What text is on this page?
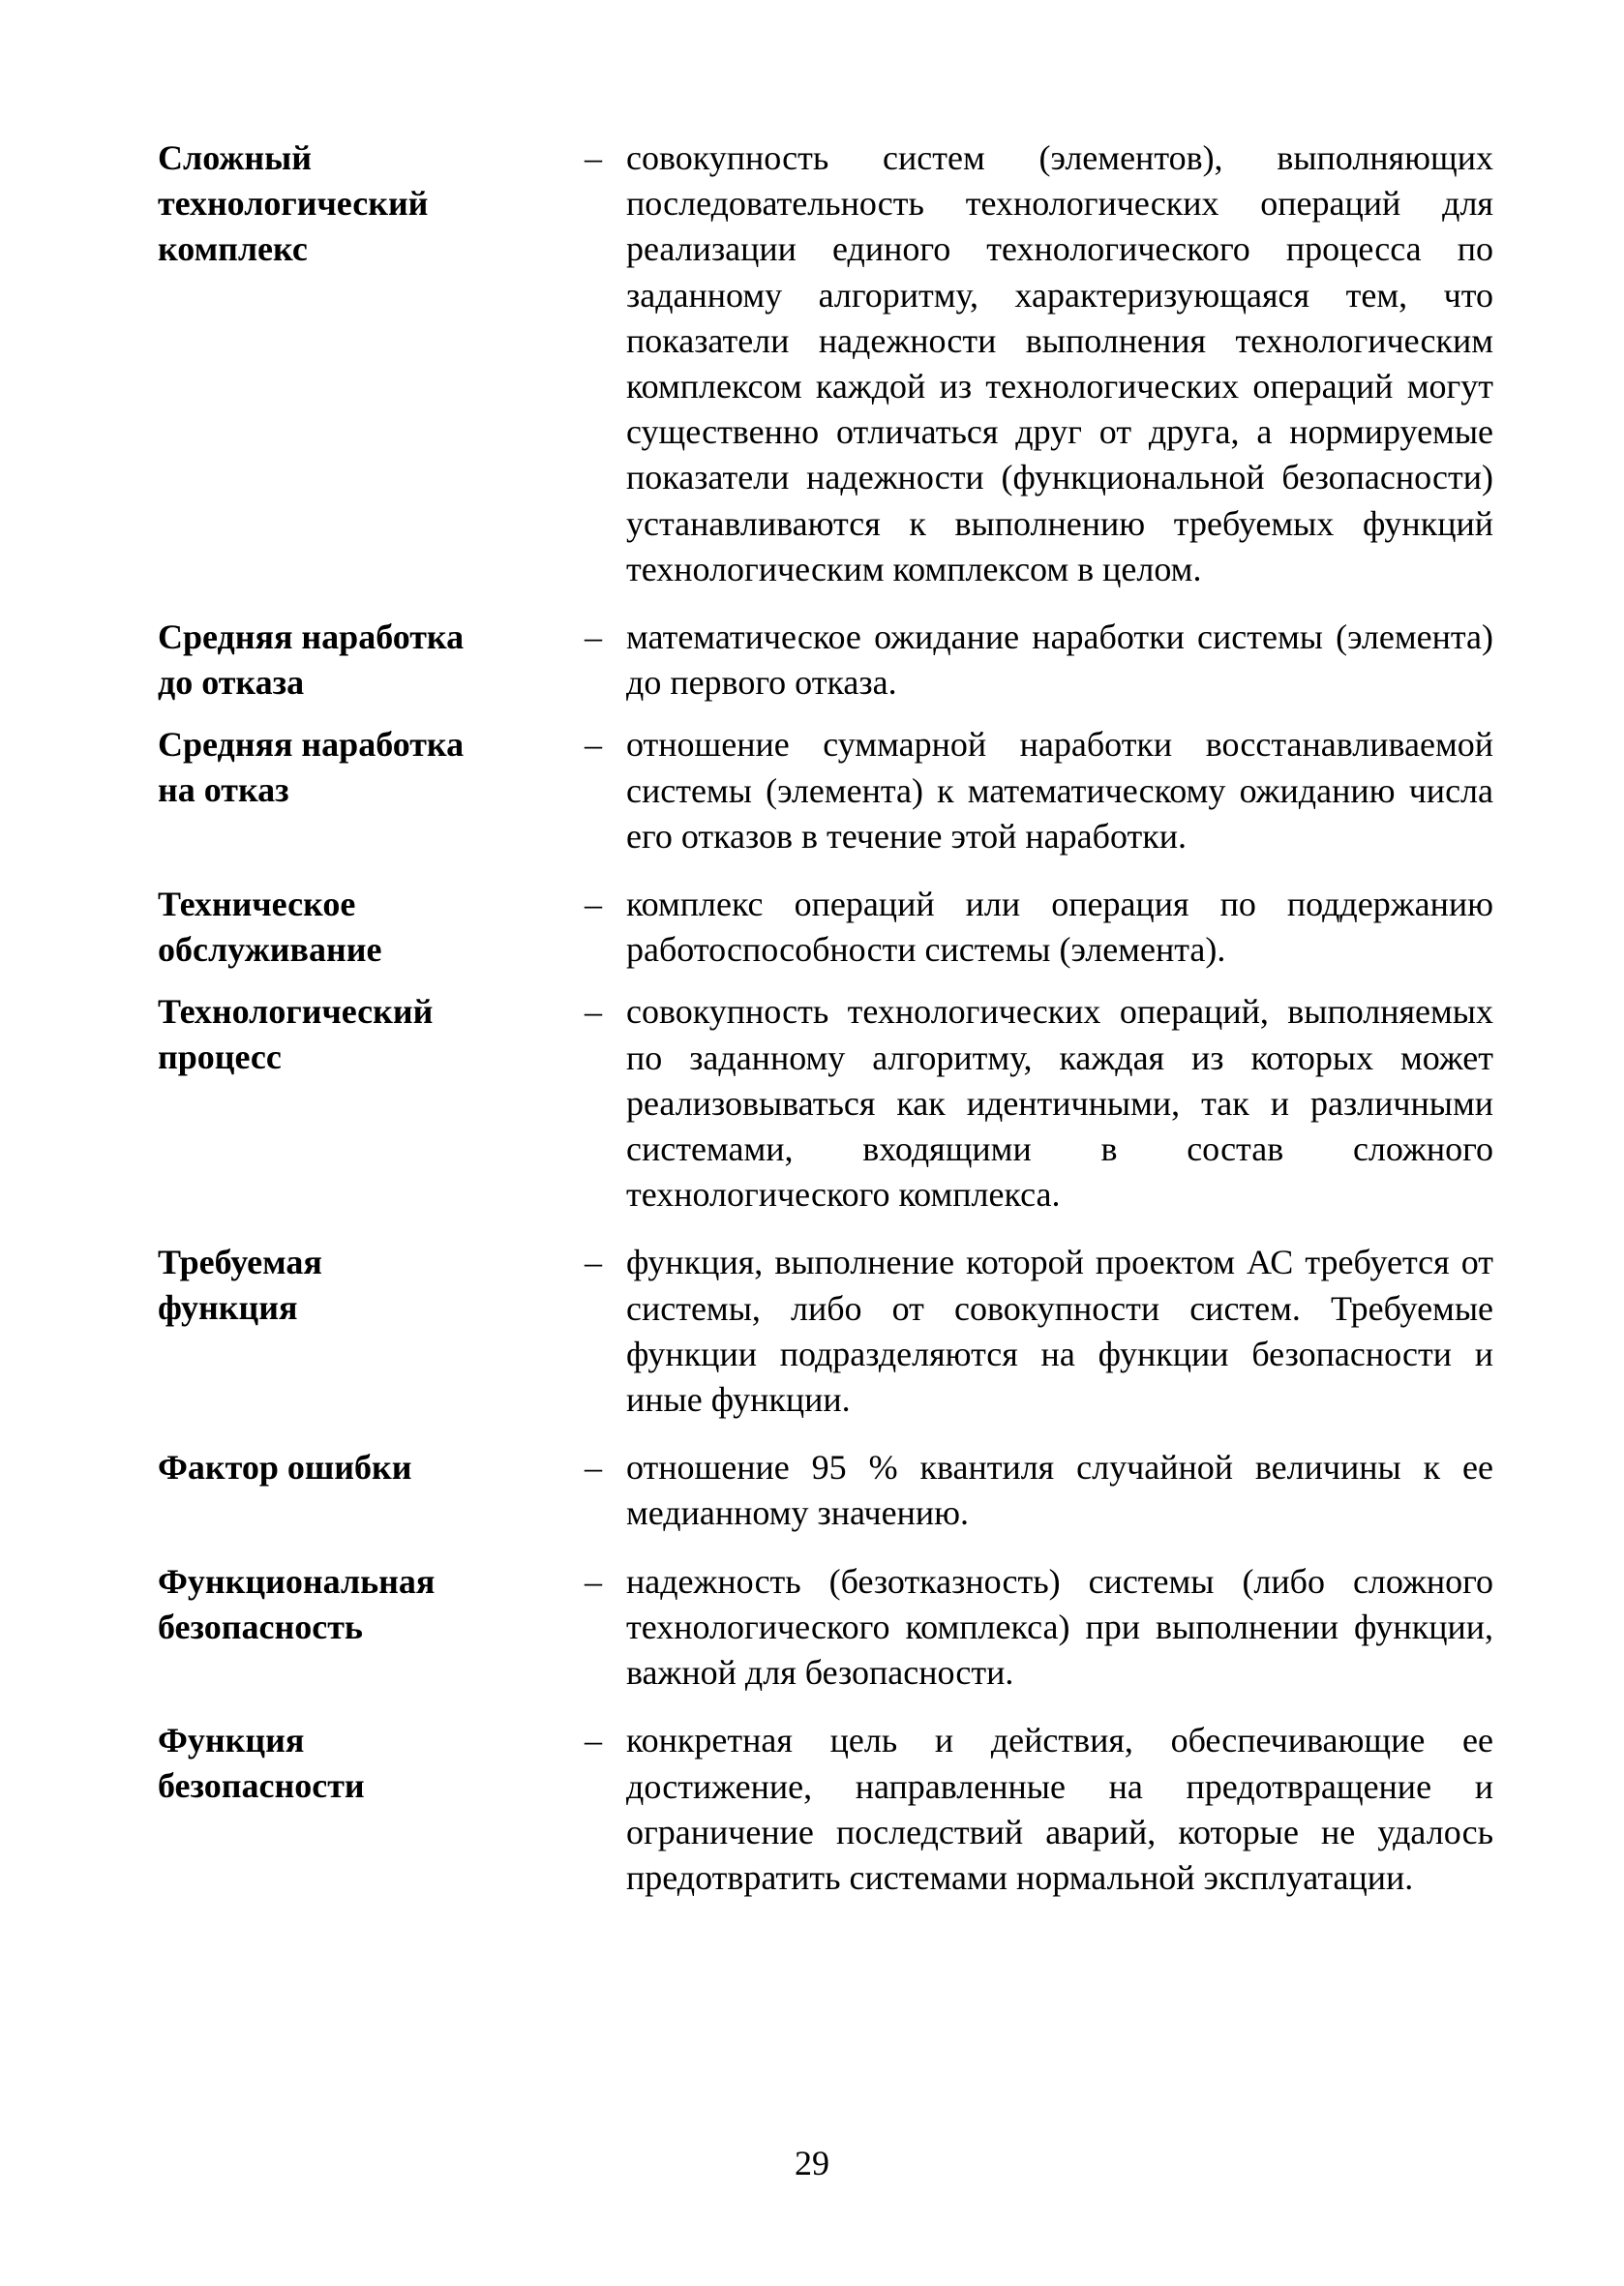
Сложный
технологический
комплекс
– совокупность систем (элементов), выполняющих последовательность технологических операций для реализации единого технологического процесса по заданному алгоритму, характеризующаяся тем, что показатели надежности выполнения технологическим комплексом каждой из технологических операций могут существенно отличаться друг от друга, а нормируемые показатели надежности (функциональной безопасности) устанавливаются к выполнению требуемых функций технологическим комплексом в целом.
Средняя наработка
до отказа
– математическое ожидание наработки системы (элемента) до первого отказа.
Средняя наработка
на отказ
– отношение суммарной наработки восстанавливаемой системы (элемента) к математическому ожиданию числа его отказов в течение этой наработки.
Техническое
обслуживание
– комплекс операций или операция по поддержанию работоспособности системы (элемента).
Технологический
процесс
– совокупность технологических операций, выполняемых по заданному алгоритму, каждая из которых может реализовываться как идентичными, так и различными системами, входящими в состав сложного технологического комплекса.
Требуемая
функция
– функция, выполнение которой проектом АС требуется от системы, либо от совокупности систем. Требуемые функции подразделяются на функции безопасности и иные функции.
Фактор ошибки	– отношение 95 % квантиля случайной величины к ее медианному значению.
Функциональная
безопасность
– надежность (безотказность) системы (либо сложного технологического комплекса) при выполнении функции, важной для безопасности.
Функция
безопасности
– конкретная цель и действия, обеспечивающие ее достижение, направленные на предотвращение и ограничение последствий аварий, которые не удалось предотвратить системами нормальной эксплуатации.
29
